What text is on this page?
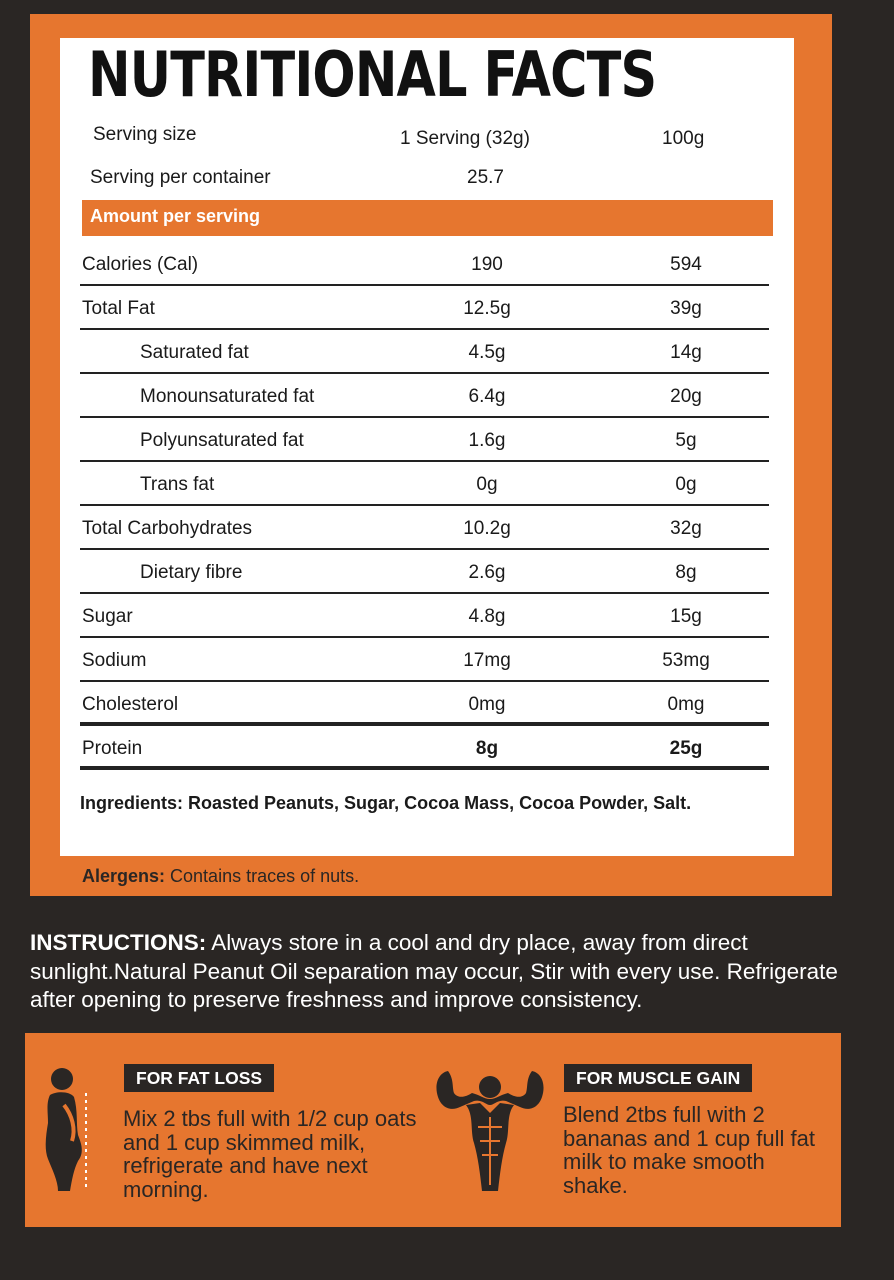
NUTRITIONAL FACTS
Serving size	1 Serving (32g)	100g
Serving per container	25.7
Amount per serving
Calories (Cal)	190	594
Total Fat	12.5g	39g
Saturated fat	4.5g	14g
Monounsaturated fat	6.4g	20g
Polyunsaturated fat	1.6g	5g
Trans fat	0g	0g
Total Carbohydrates	10.2g	32g
Dietary fibre	2.6g	8g
Sugar	4.8g	15g
Sodium	17mg	53mg
Cholesterol	0mg	0mg
Protein	8g	25g
Ingredients: Roasted Peanuts, Sugar, Cocoa Mass, Cocoa Powder, Salt.
Alergens: Contains traces of nuts.
INSTRUCTIONS: Always store in a cool and dry place, away from direct sunlight.Natural Peanut Oil separation may occur, Stir with every use. Refrigerate after opening to preserve freshness and improve consistency.
FOR FAT LOSS
Mix 2 tbs full with 1/2 cup oats and 1 cup skimmed milk, refrigerate and have next morning.
FOR MUSCLE GAIN
Blend 2tbs full with 2 bananas and 1 cup full fat milk to make smooth shake.
